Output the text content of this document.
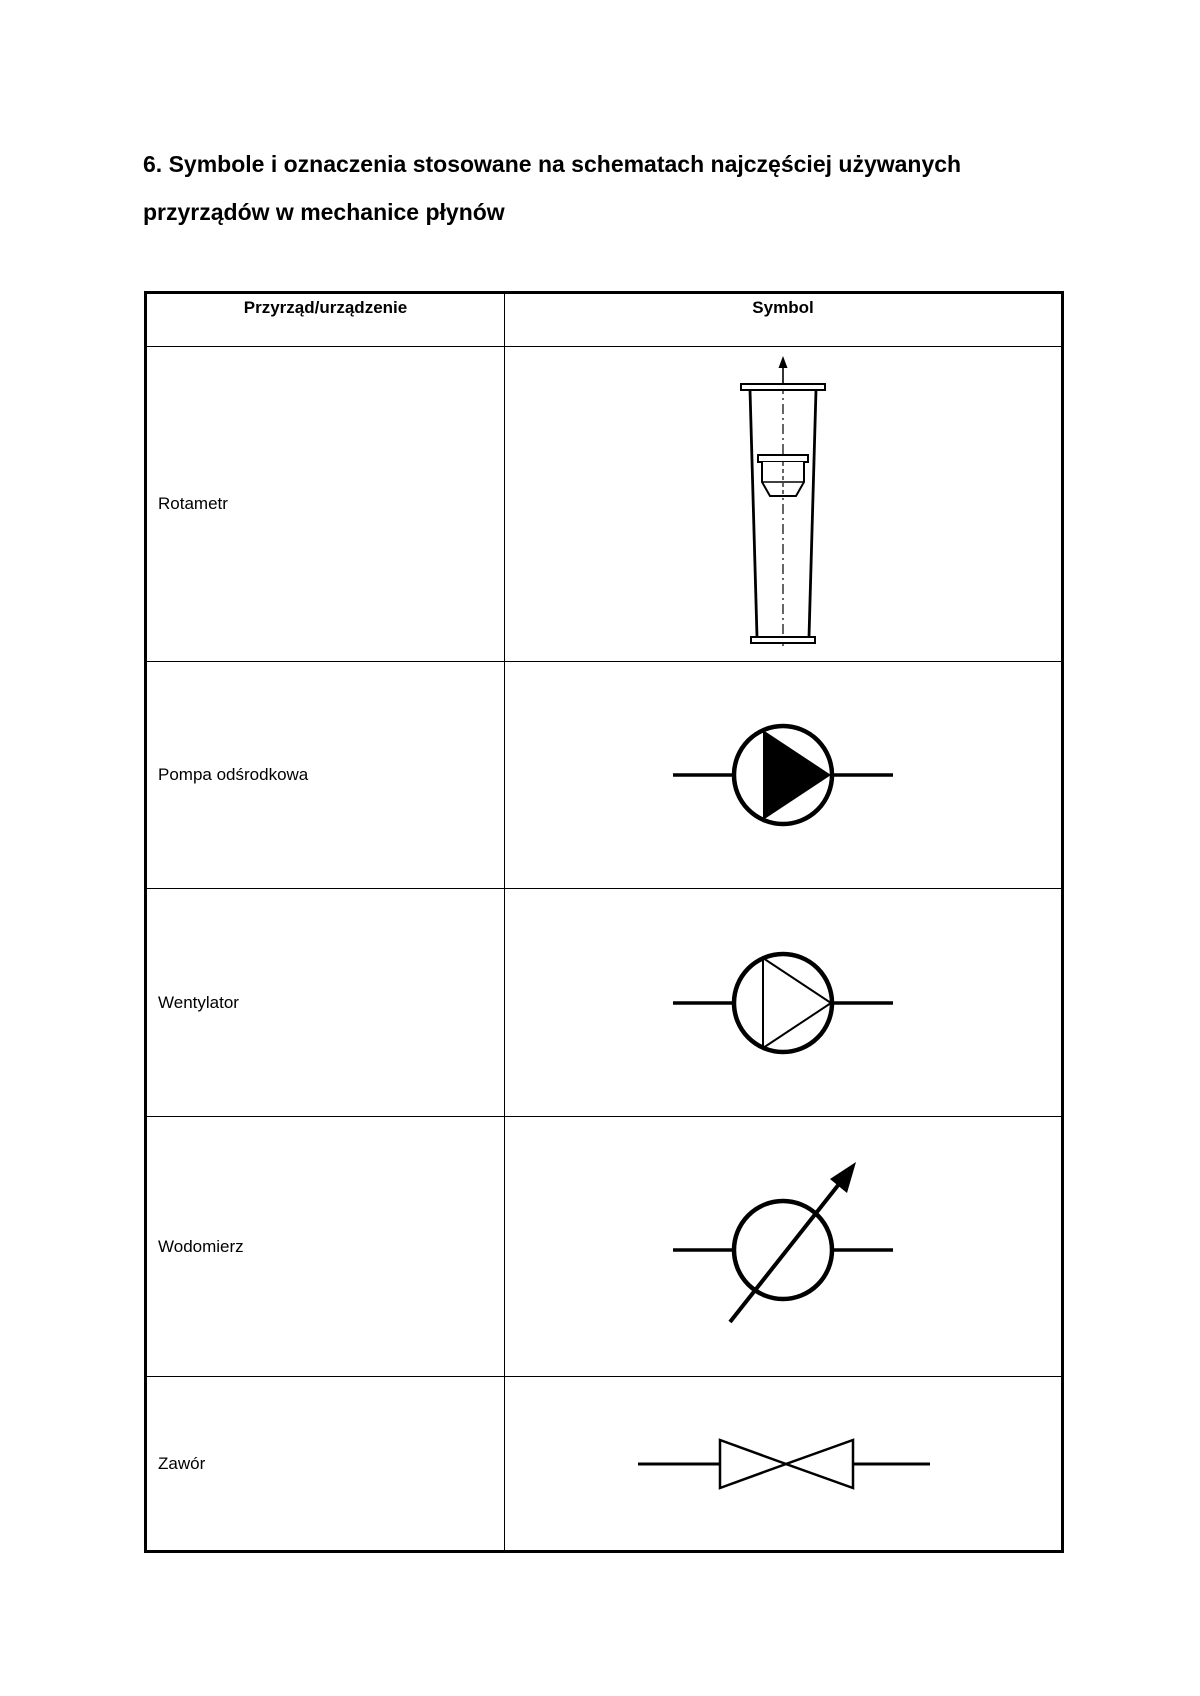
6. Symbole i oznaczenia stosowane na schematach najczęściej używanych
przyrządów w mechanice płynów
Przyrząd/urządzenie	Symbol
Rotametr	

Pompa odśrodkowa	

Wentylator	

Wodomierz	

Zawór	
